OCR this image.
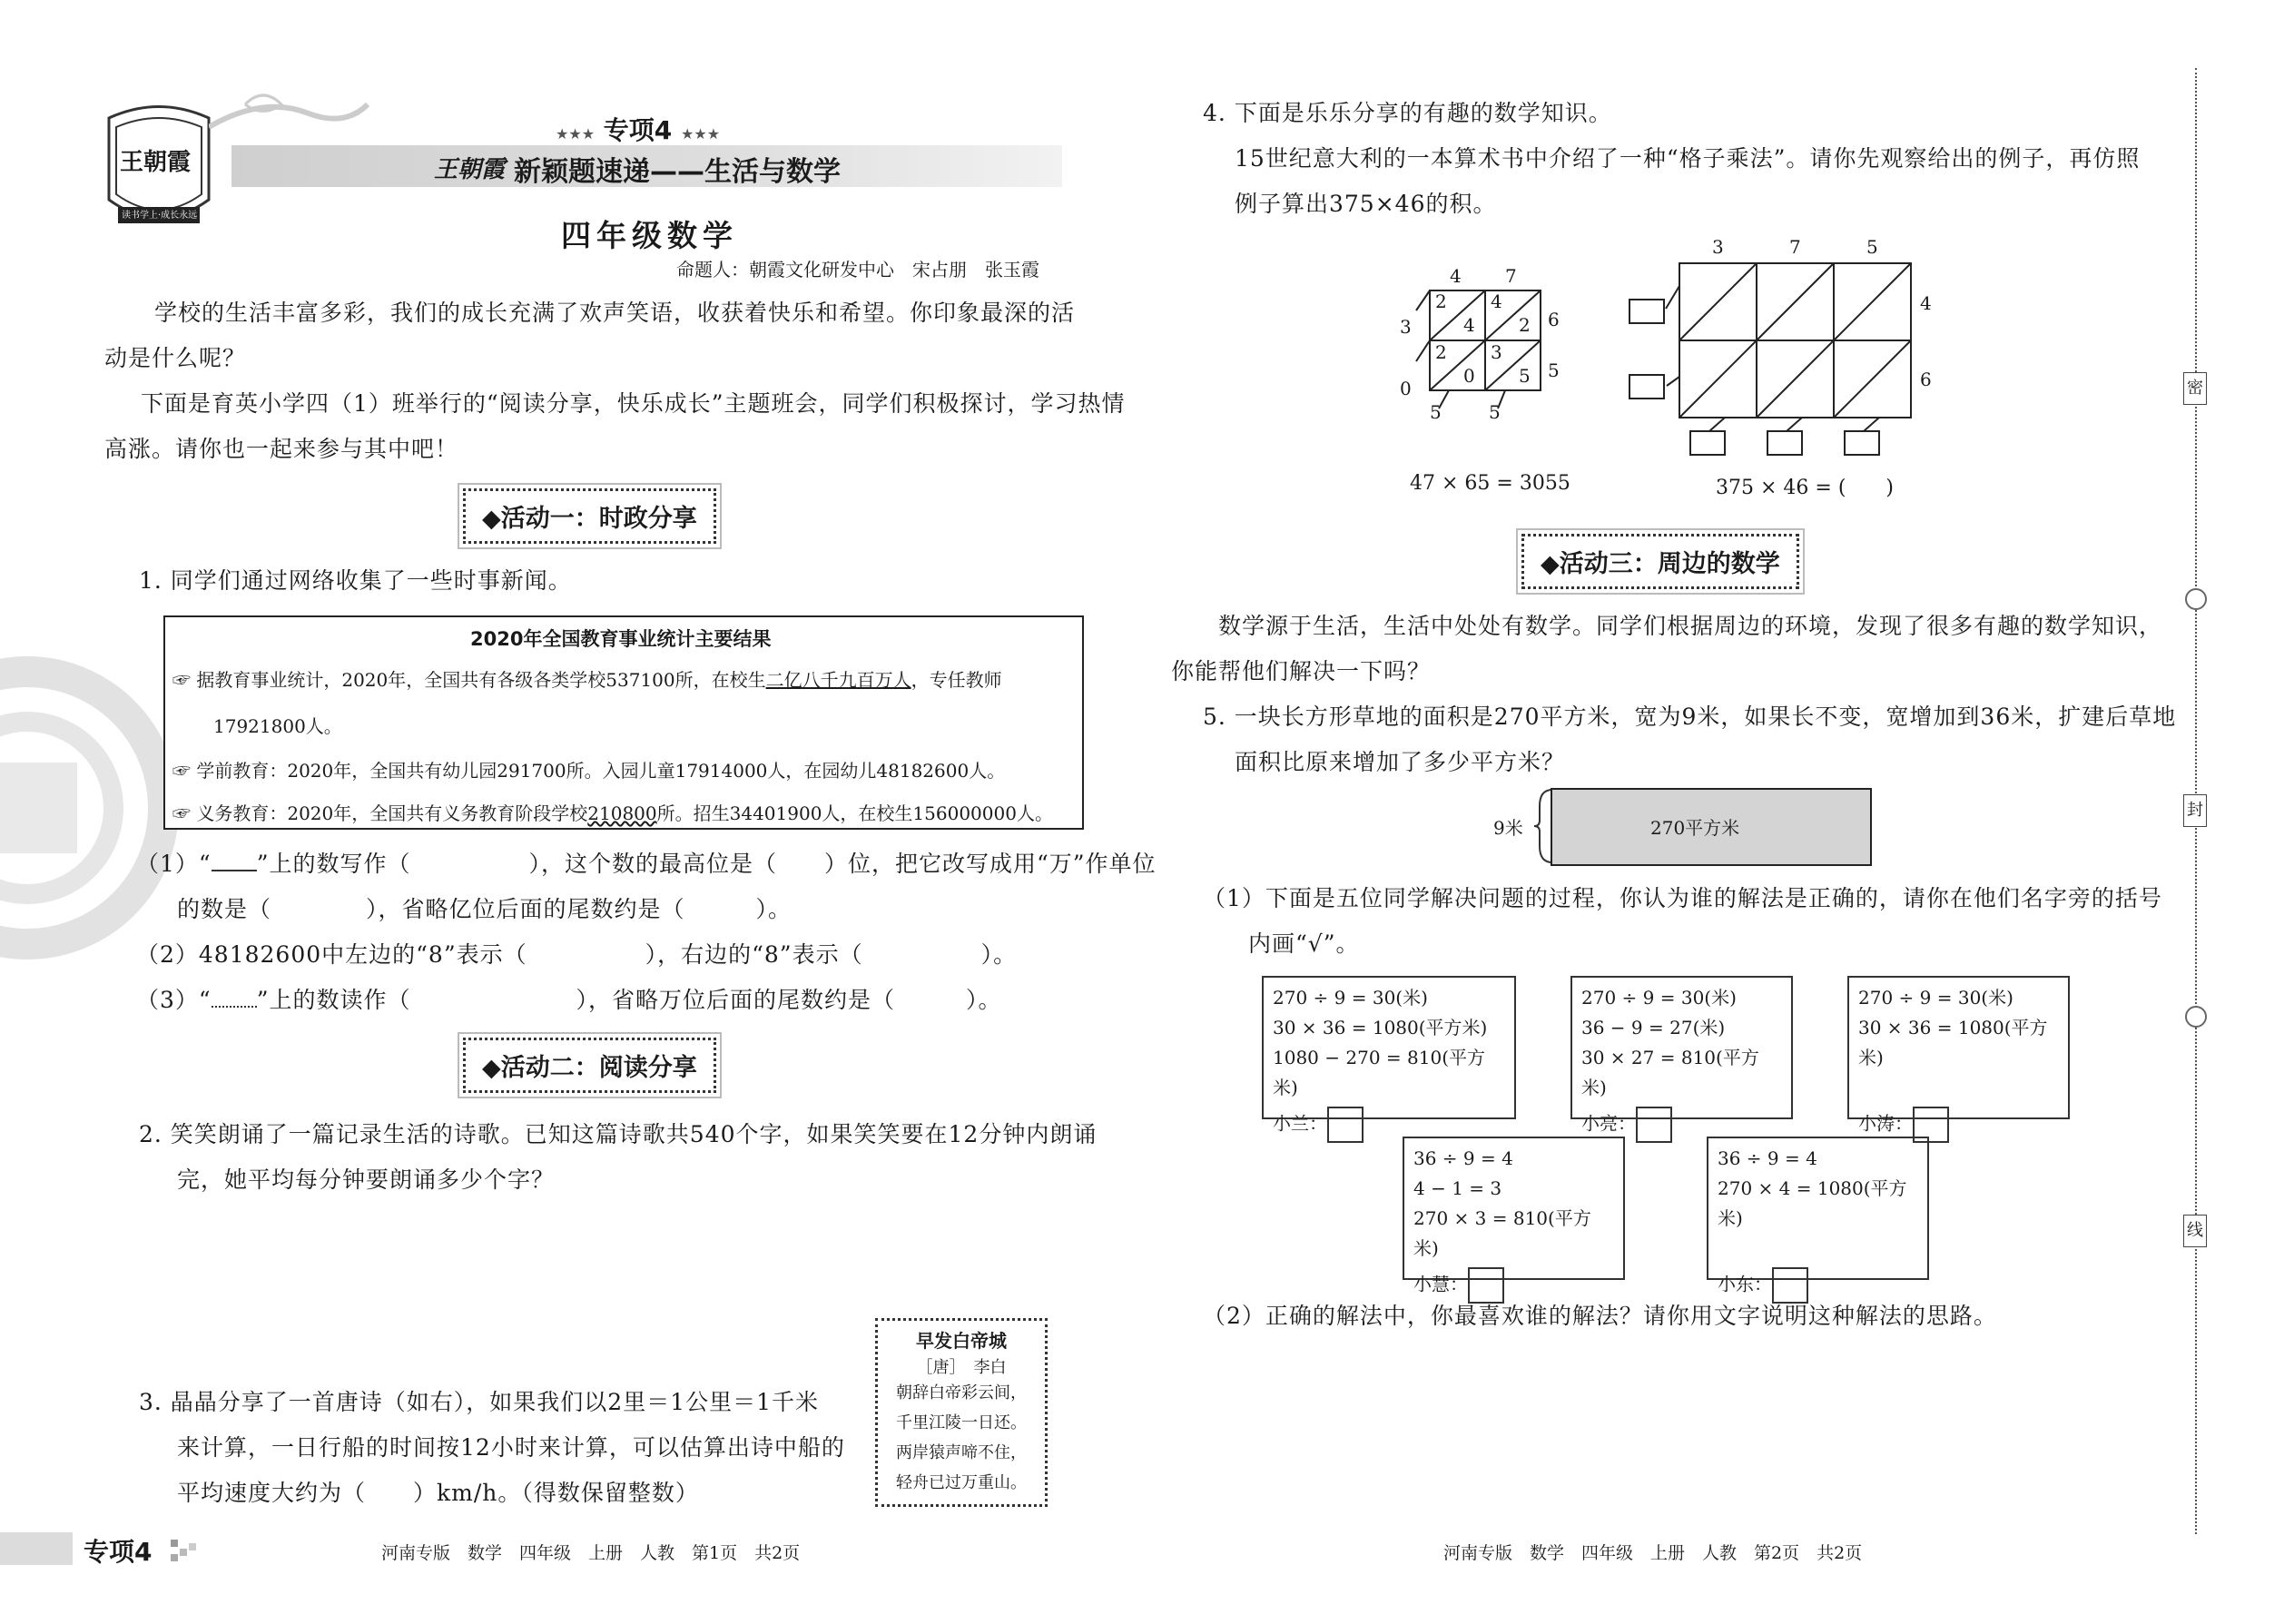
王朝霞
读书学上·成长永远
★★★ 专项4 ★★★
王朝霞 新颖题速递——生活与数学
四年级数学
命题人：朝霞文化研发中心　宋占朋　张玉霞
学校的生活丰富多彩，我们的成长充满了欢声笑语，收获着快乐和希望。你印象最深的活
动是什么呢？
下面是育英小学四（1）班举行的“阅读分享，快乐成长”主题班会，同学们积极探讨，学习热情
高涨。请你也一起来参与其中吧！
◆活动一：时政分享
1. 同学们通过网络收集了一些时事新闻。
2020年全国教育事业统计主要结果
☞ 据教育事业统计，2020年，全国共有各级各类学校537100所，在校生二亿八千九百万人，专任教师
17921800人。
☞ 学前教育：2020年，全国共有幼儿园291700所。入园儿童17914000人，在园幼儿48182600人。
☞ 义务教育：2020年，全国共有义务教育阶段学校210800所。招生34401900人，在校生156000000人。
（1）“ ”上的数写作（　　　　　），这个数的最高位是（　　）位，把它改写成用“万”作单位
的数是（　　　　），省略亿位后面的尾数约是（　　　）。
（2）48182600中左边的“8”表示（　　　　　），右边的“8”表示（　　　　　）。
（3）“ ”上的数读作（　　　　　　　），省略万位后面的尾数约是（　　　）。
◆活动二：阅读分享
2. 笑笑朗诵了一篇记录生活的诗歌。已知这篇诗歌共540个字，如果笑笑要在12分钟内朗诵
完，她平均每分钟要朗诵多少个字？
3. 晶晶分享了一首唐诗（如右），如果我们以2里＝1公里＝1千米
来计算，一日行船的时间按12小时来计算，可以估算出诗中船的
平均速度大约为（　　）km/h。（得数保留整数）
早发白帝城
［唐］　李白
朝辞白帝彩云间，
千里江陵一日还。
两岸猿声啼不住，
轻舟已过万重山。
专项4	河南专版　数学　四年级　上册　人教　第1页　共2页
4. 下面是乐乐分享的有趣的数学知识。
15世纪意大利的一本算术书中介绍了一种“格子乘法”。请你先观察给出的例子，再仿照
例子算出375×46的积。
4 7
6
5
3
0
5	5
2
4
4
2
2
0
3
5
47 × 65 = 3055
3	7	5
4
6
375 × 46 = (　　)
◆活动三：周边的数学
数学源于生活，生活中处处有数学。同学们根据周边的环境，发现了很多有趣的数学知识，
你能帮他们解决一下吗？
5. 一块长方形草地的面积是270平方米，宽为9米，如果长不变，宽增加到36米，扩建后草地
面积比原来增加了多少平方米？
9米	270平方米
（1）下面是五位同学解决问题的过程，你认为谁的解法是正确的，请你在他们名字旁的括号
内画“√”。
270 ÷ 9 = 30(米)
30 × 36 = 1080(平方米)
1080 − 270 = 810(平方米)
小兰：
270 ÷ 9 = 30(米)
36 − 9 = 27(米)
30 × 27 = 810(平方米)
小亮：
270 ÷ 9 = 30(米)
30 × 36 = 1080(平方米)
小涛：
36 ÷ 9 = 4
4 − 1 = 3
270 × 3 = 810(平方米)
小慧：
36 ÷ 9 = 4
270 × 4 = 1080(平方米)
小东：
（2）正确的解法中，你最喜欢谁的解法？请你用文字说明这种解法的思路。
河南专版　数学　四年级　上册　人教　第2页　共2页
密
封
线
